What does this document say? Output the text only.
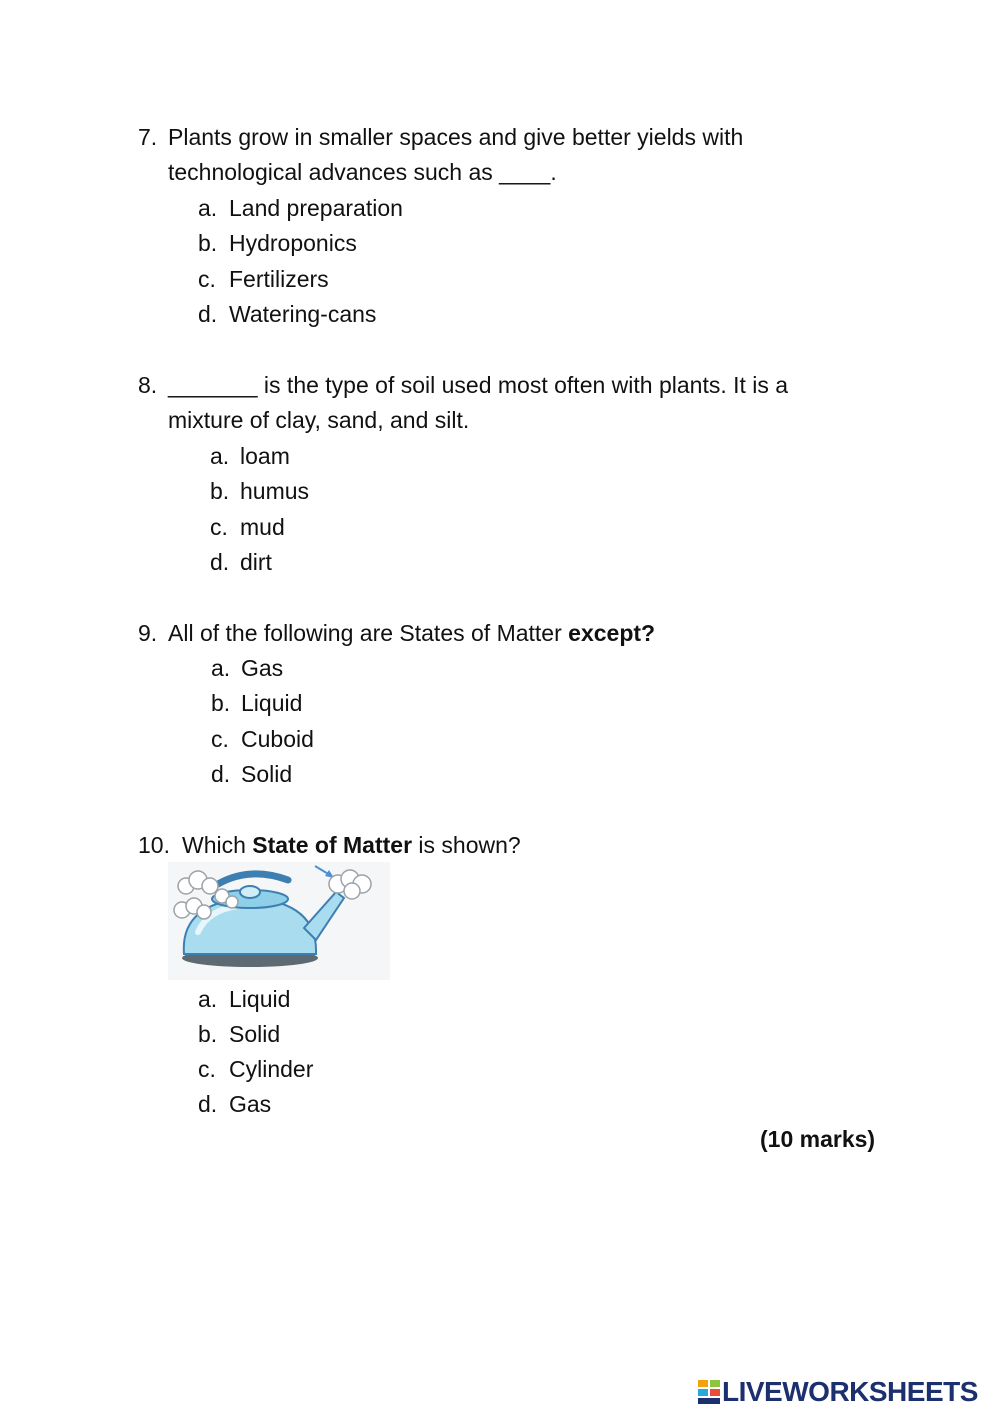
7. Plants grow in smaller spaces and give better yields with
technological advances such as ____.
a. Land preparation
b. Hydroponics
c. Fertilizers
d. Watering-cans
8. _______ is the type of soil used most often with plants. It is a
mixture of clay, sand, and silt.
a. loam
b. humus
c. mud
d. dirt
9. All of the following are States of Matter except?
a. Gas
b. Liquid
c. Cuboid
d. Solid
10. Which State of Matter is shown?
a. Liquid
b. Solid
c. Cylinder
d. Gas
(10 marks)
LIVEWORKSHEETS
